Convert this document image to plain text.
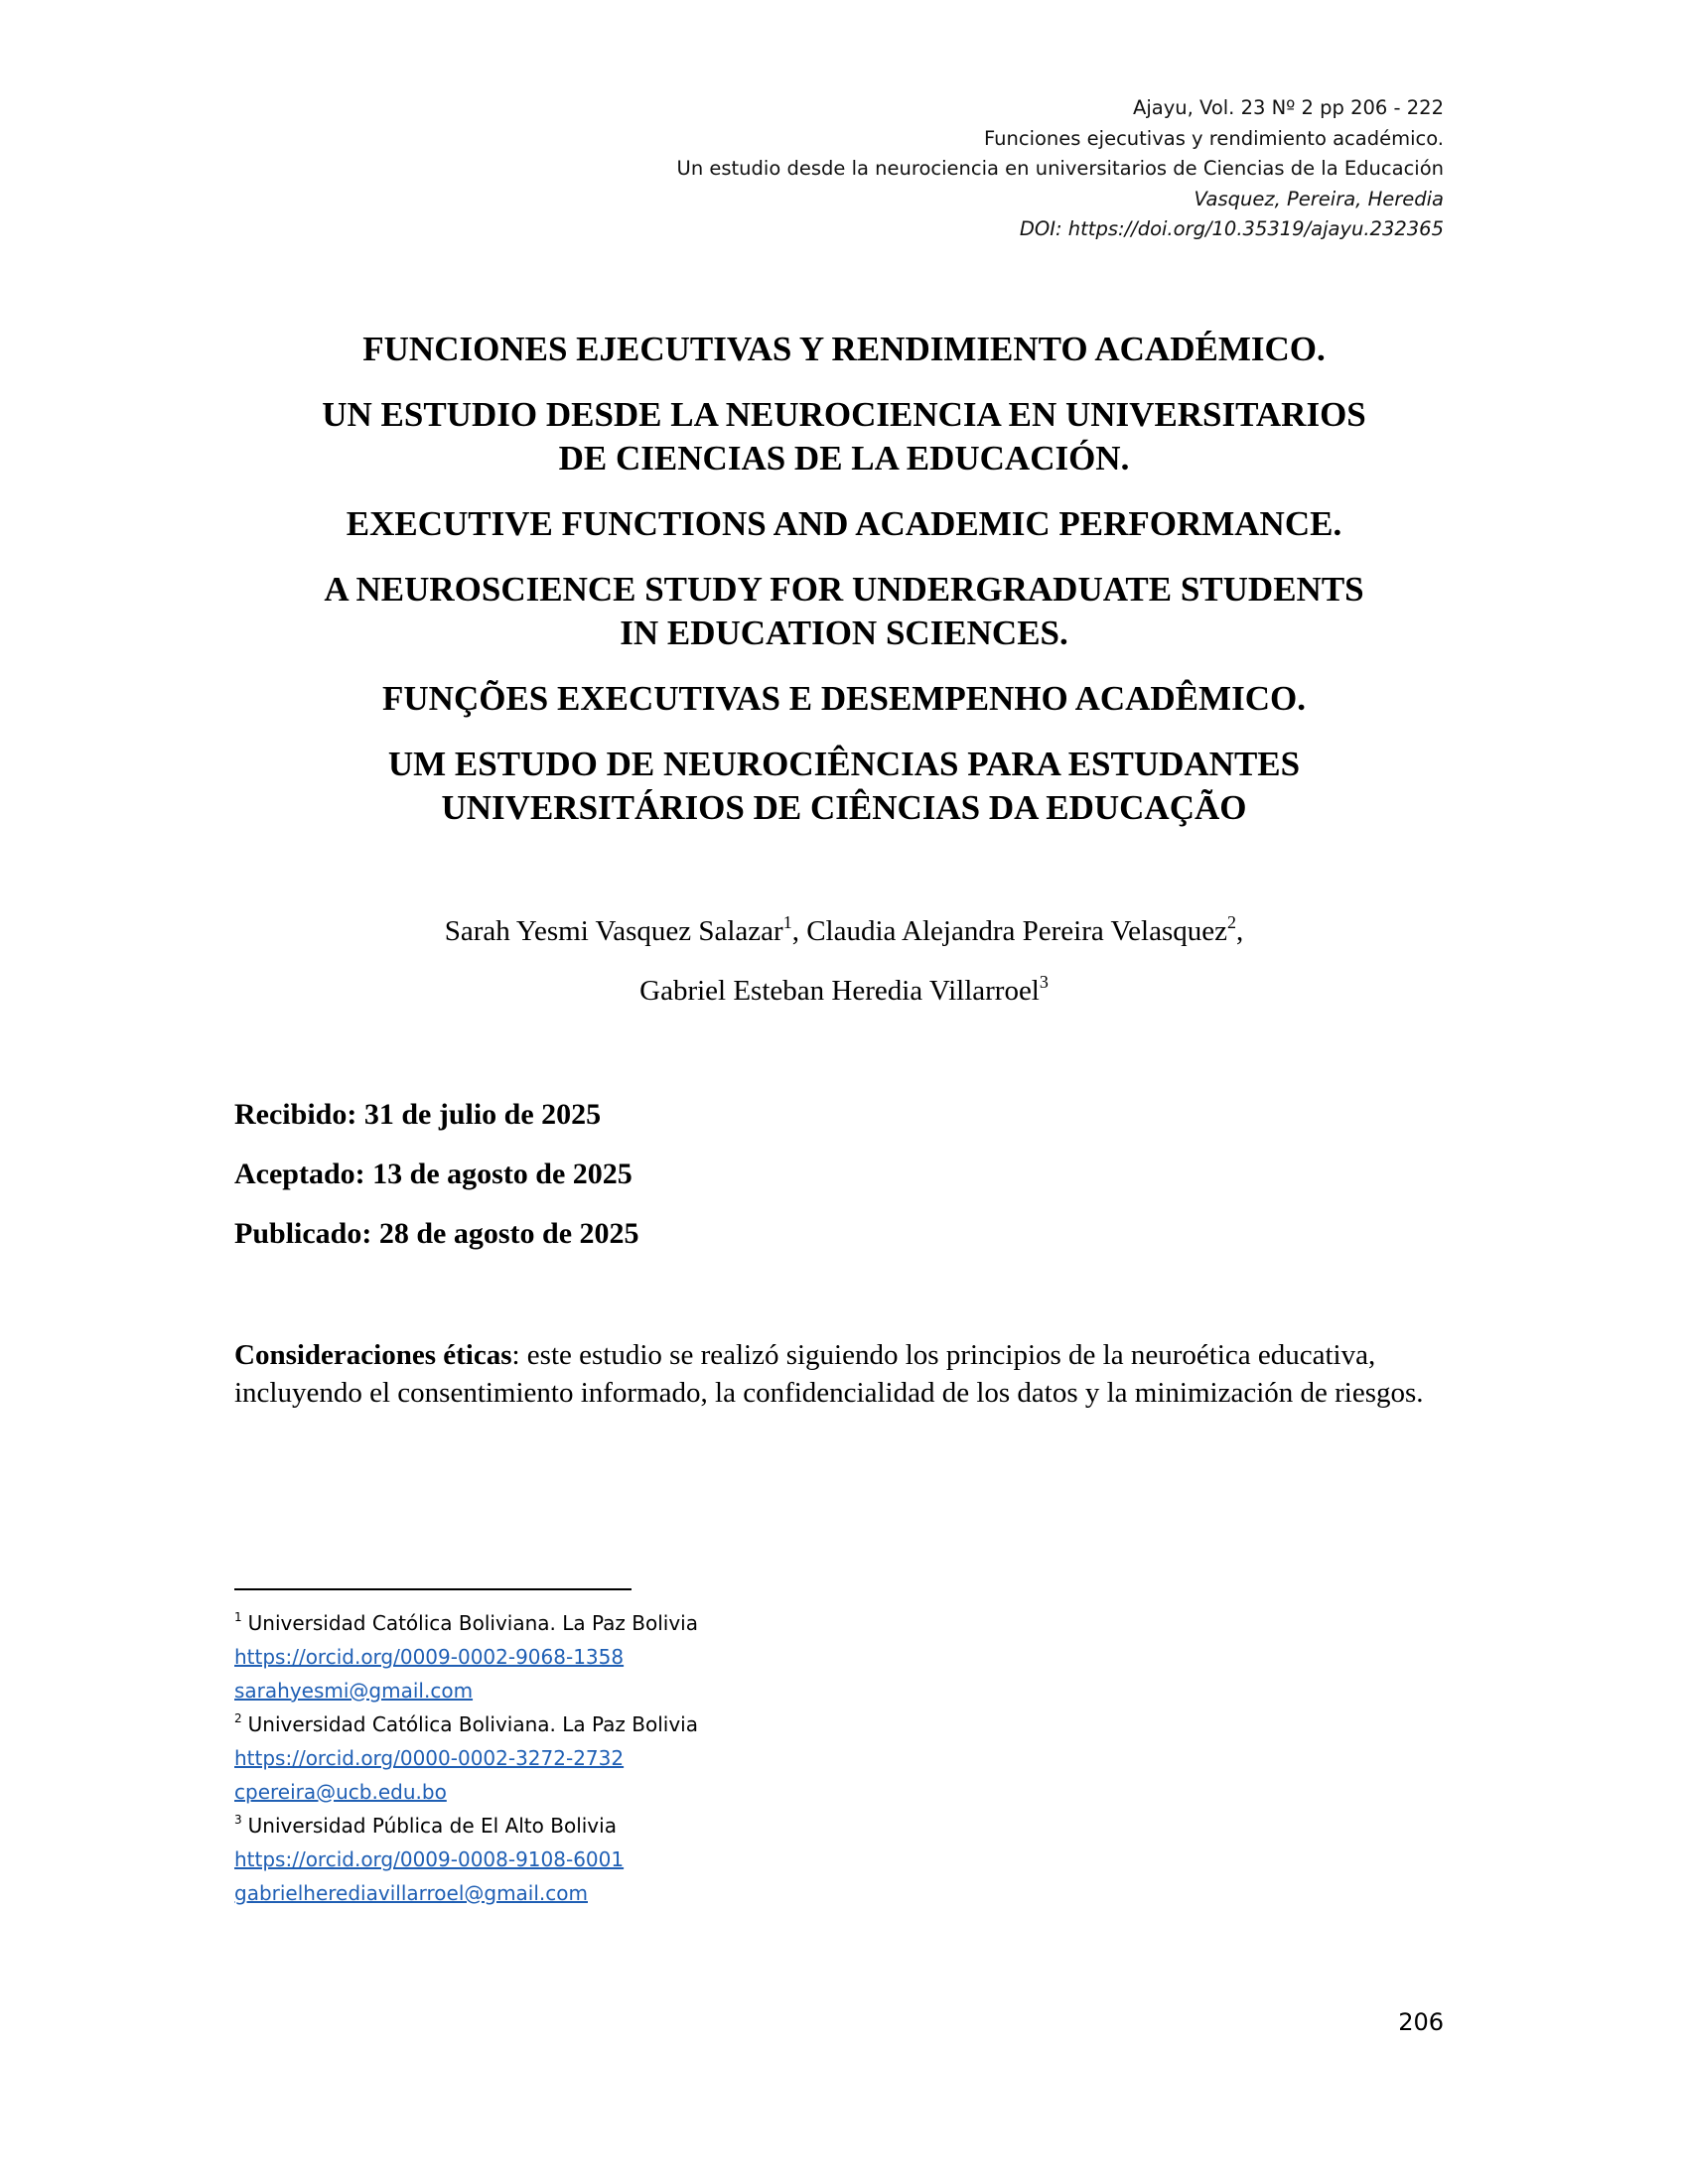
Ajayu, Vol. 23 Nº 2 pp 206 - 222
Funciones ejecutivas y rendimiento académico.
Un estudio desde la neurociencia en universitarios de Ciencias de la Educación
Vasquez, Pereira, Heredia
DOI: https://doi.org/10.35319/ajayu.232365
FUNCIONES EJECUTIVAS Y RENDIMIENTO ACADÉMICO.
UN ESTUDIO DESDE LA NEUROCIENCIA EN UNIVERSITARIOS
DE CIENCIAS DE LA EDUCACIÓN.
EXECUTIVE FUNCTIONS AND ACADEMIC PERFORMANCE.
A NEUROSCIENCE STUDY FOR UNDERGRADUATE STUDENTS
IN EDUCATION SCIENCES.
FUNÇÕES EXECUTIVAS E DESEMPENHO ACADÊMICO.
UM ESTUDO DE NEUROCIÊNCIAS PARA ESTUDANTES
UNIVERSITÁRIOS DE CIÊNCIAS DA EDUCAÇÃO
Sarah Yesmi Vasquez Salazar$^1$, Claudia Alejandra Pereira Velasquez$^2$,
Gabriel Esteban Heredia Villarroel$^3$
Recibido: 31 de julio de 2025
Aceptado: 13 de agosto de 2025
Publicado: 28 de agosto de 2025
Consideraciones éticas: este estudio se realizó siguiendo los principios de la neuroética educativa, incluyendo el consentimiento informado, la confidencialidad de los datos y la minimización de riesgos.
$^1$ Universidad Católica Boliviana. La Paz Bolivia
https://orcid.org/0009-0002-9068-1358
sarahyesmi@gmail.com
$^2$ Universidad Católica Boliviana. La Paz Bolivia
https://orcid.org/0000-0002-3272-2732
cpereira@ucb.edu.bo
$^3$ Universidad Pública de El Alto Bolivia
https://orcid.org/0009-0008-9108-6001
gabrielherediavillarroel@gmail.com
206
